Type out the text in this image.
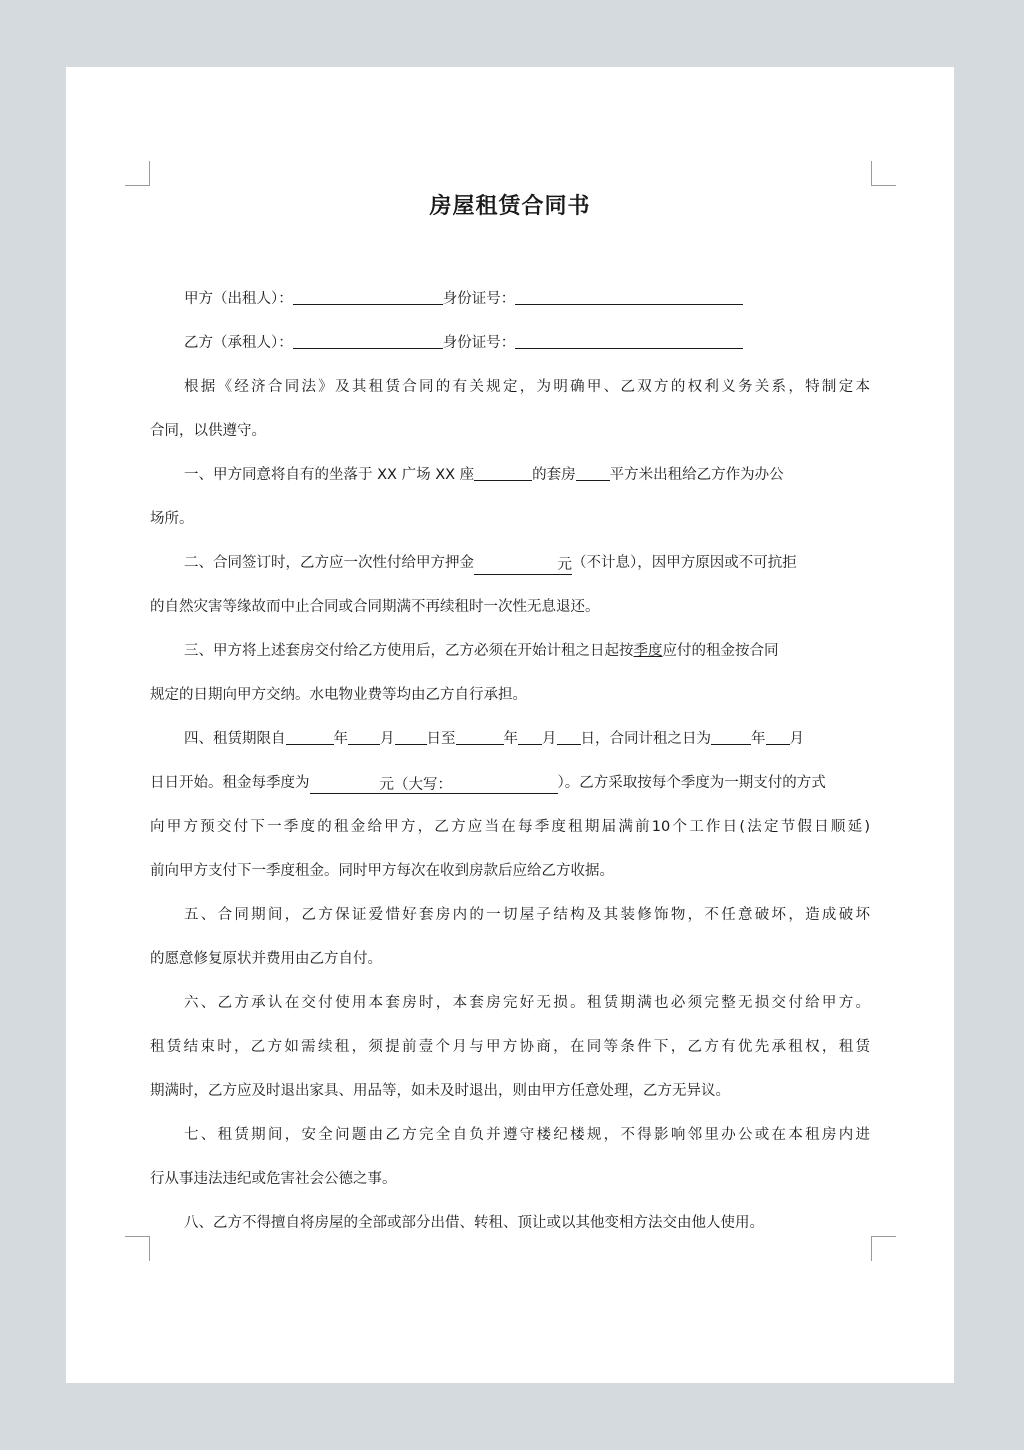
房屋租赁合同书
甲方（出租人）：	身份证号：
乙方（承租人）：	身份证号：
根据《经济合同法》及其租赁合同的有关规定，为明确甲、乙双方的权利义务关系，特制定本
合同，以供遵守。
一、甲方同意将自有的坐落于 XX 广场 XX 座	的套房 平方米出租给乙方作为办公
场所。
二、合同签订时，乙方应一次性付给甲方押金	元（不计息），因甲方原因或不可抗拒
的自然灾害等缘故而中止合同或合同期满不再续租时一次性无息退还。
三、甲方将上述套房交付给乙方使用后，乙方必须在开始计租之日起按季度应付的租金按合同
规定的日期向甲方交纳。水电物业费等均由乙方自行承担。
四、租赁期限自	年 月 日至	年 月 日，合同计租之日为	年 月
日日开始。租金每季度为	元（大写：	）。乙方采取按每个季度为一期支付的方式
向甲方预交付下一季度的租金给甲方，乙方应当在每季度租期届满前10个工作日(法定节假日顺延)
前向甲方支付下一季度租金。同时甲方每次在收到房款后应给乙方收据。
五、合同期间，乙方保证爱惜好套房内的一切屋子结构及其装修饰物，不任意破坏，造成破坏
的愿意修复原状并费用由乙方自付。
六、乙方承认在交付使用本套房时，本套房完好无损。租赁期满也必须完整无损交付给甲方。
租赁结束时，乙方如需续租，须提前壹个月与甲方协商，在同等条件下，乙方有优先承租权，租赁
期满时，乙方应及时退出家具、用品等，如未及时退出，则由甲方任意处理，乙方无异议。
七、租赁期间，安全问题由乙方完全自负并遵守楼纪楼规，不得影响邻里办公或在本租房内进
行从事违法违纪或危害社会公德之事。
八、乙方不得擅自将房屋的全部或部分出借、转租、顶让或以其他变相方法交由他人使用。
